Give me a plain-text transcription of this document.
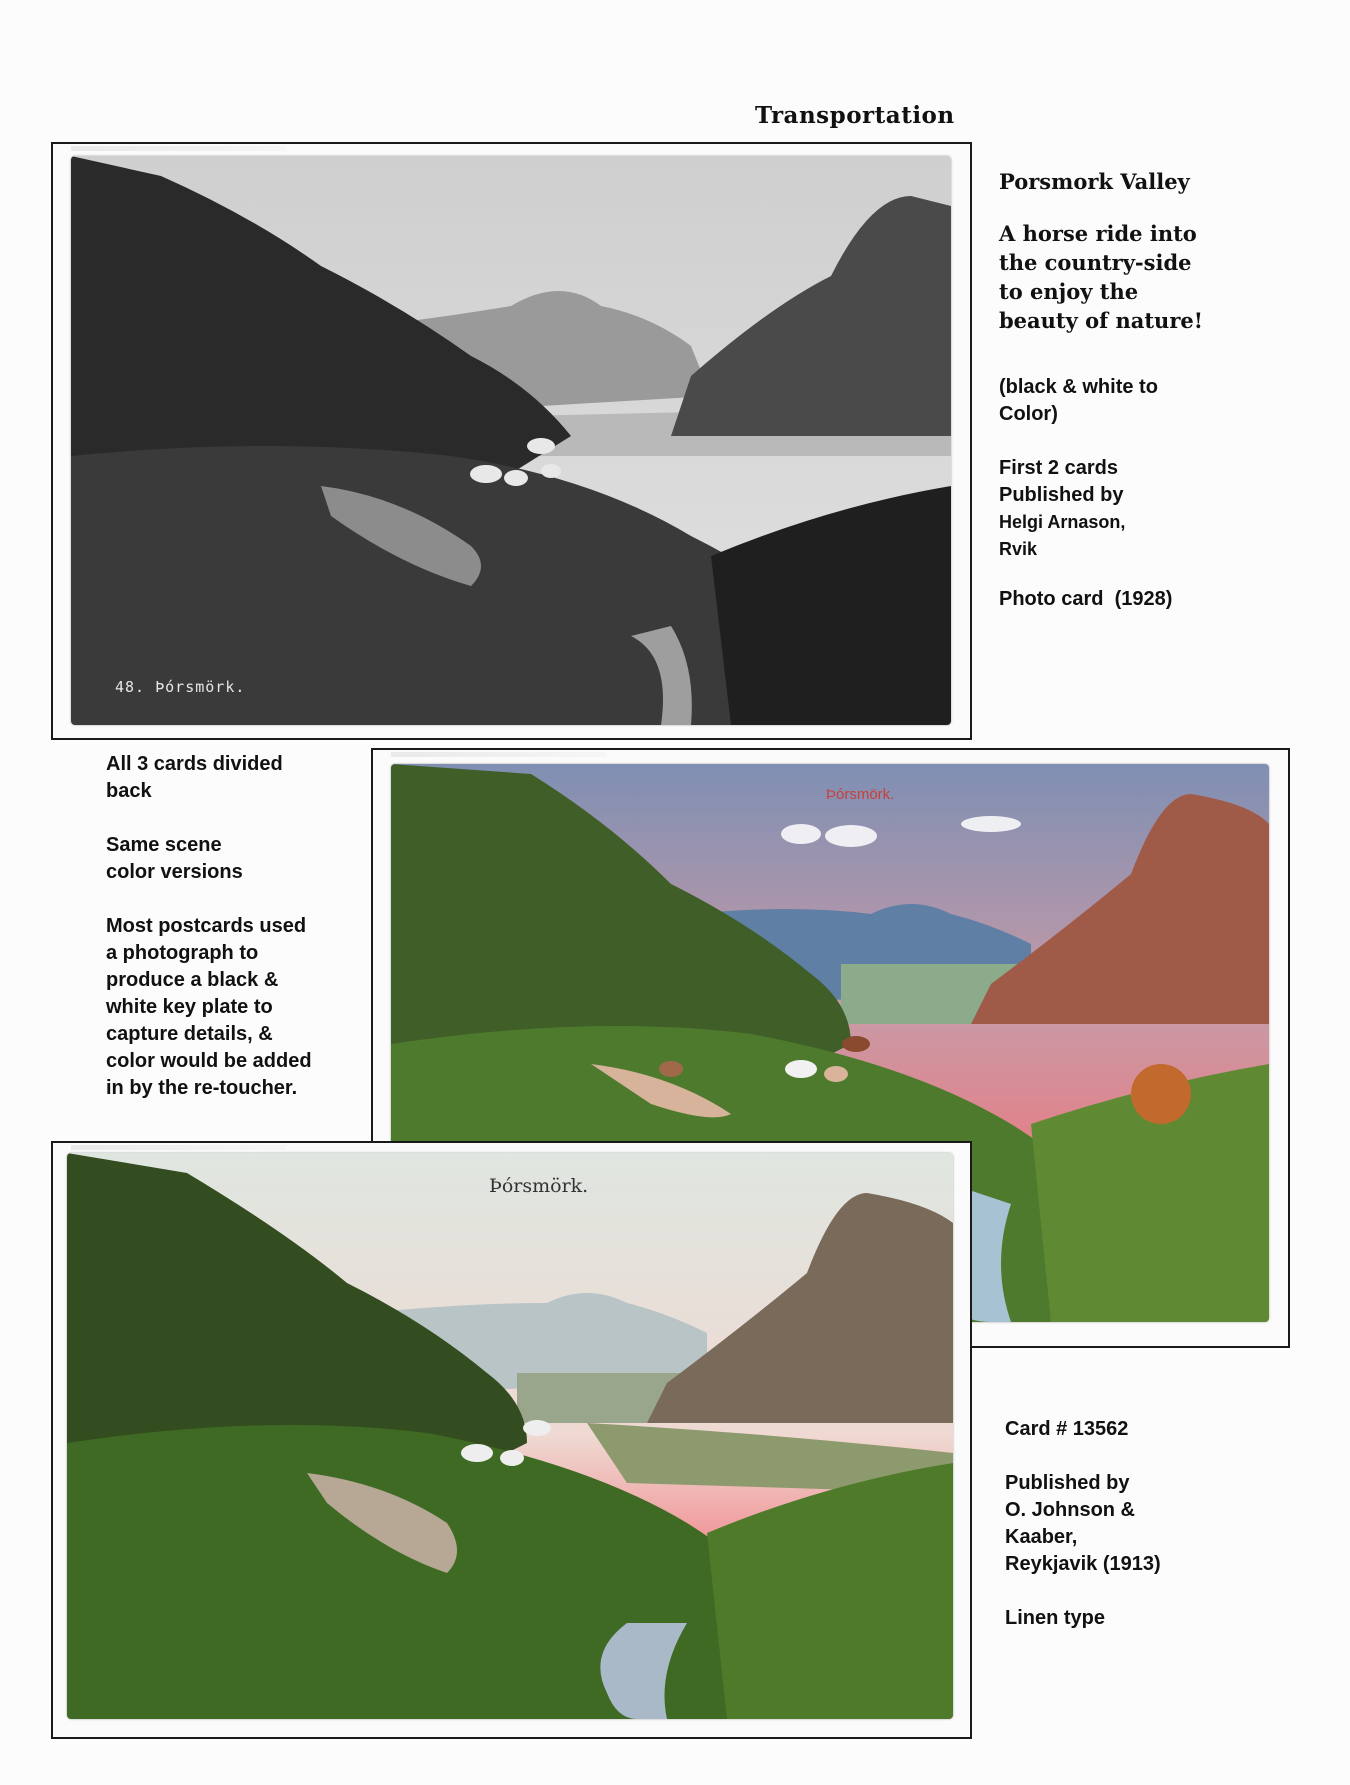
Transportation
48. Þórsmörk.

Porsmork Valley

A horse ride into

the country-side

to enjoy the

beauty of nature!

(black & white to

Color)

First 2 cards

Published by

Helgi Arnason,

Rvik

Photo card  (1928)

All 3 cards divided

back

Same scene

color versions

Most postcards used

a photograph to

produce a black &

white key plate to

capture details, &

color would be added

in by the re-toucher.

Þórsmörk.
Þórsmörk.

Card # 13562

Published by

O. Johnson &

Kaaber,

Reykjavik (1913)

Linen type
